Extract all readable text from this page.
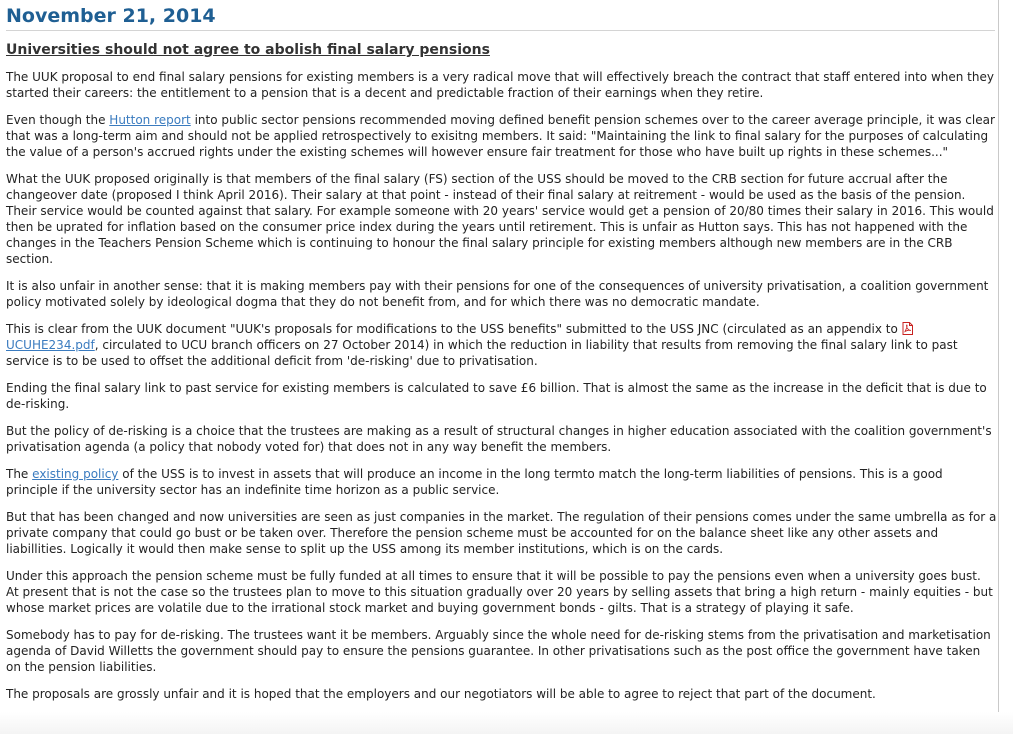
November 21, 2014
Universities should not agree to abolish final salary pensions

The UUK proposal to end final salary pensions for existing members is a very radical move that will effectively breach the contract that staff entered into when they started their careers: the entitlement to a pension that is a decent and predictable fraction of their earnings when they retire.

Even though the Hutton report into public sector pensions recommended moving defined benefit pension schemes over to the career average principle, it was clear that was a long-term aim and should not be applied retrospectively to exisitng members. It said: "Maintaining the link to final salary for the purposes of calculating the value of a person's accrued rights under the existing schemes will however ensure fair treatment for those who have built up rights in these schemes..."

What the UUK proposed originally is that members of the final salary (FS) section of the USS should be moved to the CRB section for future accrual after the changeover date (proposed I think April 2016). Their salary at that point - instead of their final salary at reitrement - would be used as the basis of the pension. Their service would be counted against that salary. For example someone with 20 years' service would get a pension of 20/80 times their salary in 2016. This would then be uprated for inflation based on the consumer price index during the years until retirement. This is unfair as Hutton says. This has not happened with the changes in the Teachers Pension Scheme which is continuing to honour the final salary principle for existing members although new members are in the CRB section.

It is also unfair in another sense: that it is making members pay with their pensions for one of the consequences of university privatisation, a coalition government policy motivated solely by ideological dogma that they do not benefit from, and for which there was no democratic mandate.

This is clear from the UUK document "UUK's proposals for modifications to the USS benefits" submitted to the USS JNC (circulated as an appendix to UCUHE234.pdf, circulated to UCU branch officers on 27 October 2014) in which the reduction in liability that results from removing the final salary link to past service is to be used to offset the additional deficit from 'de-risking' due to privatisation.

Ending the final salary link to past service for existing members is calculated to save £6 billion. That is almost the same as the increase in the deficit that is due to de-risking.

But the policy of de-risking is a choice that the trustees are making as a result of structural changes in higher education associated with the coalition government's privatisation agenda (a policy that nobody voted for) that does not in any way benefit the members.

The existing policy of the USS is to invest in assets that will produce an income in the long termto match the long-term liabilities of pensions. This is a good principle if the university sector has an indefinite time horizon as a public service.

But that has been changed and now universities are seen as just companies in the market. The regulation of their pensions comes under the same umbrella as for a private company that could go bust or be taken over. Therefore the pension scheme must be accounted for on the balance sheet like any other assets and liabillities. Logically it would then make sense to split up the USS among its member institutions, which is on the cards.

Under this approach the pension scheme must be fully funded at all times to ensure that it will be possible to pay the pensions even when a university goes bust. At present that is not the case so the trustees plan to move to this situation gradually over 20 years by selling assets that bring a high return - mainly equities - but whose market prices are volatile due to the irrational stock market and buying government bonds - gilts. That is a strategy of playing it safe.

Somebody has to pay for de-risking. The trustees want it be members. Arguably since the whole need for de-risking stems from the privatisation and marketisation agenda of David Willetts the government should pay to ensure the pensions guarantee. In other privatisations such as the post office the government have taken on the pension liabilities.

The proposals are grossly unfair and it is hoped that the employers and our negotiators will be able to agree to reject that part of the document.
